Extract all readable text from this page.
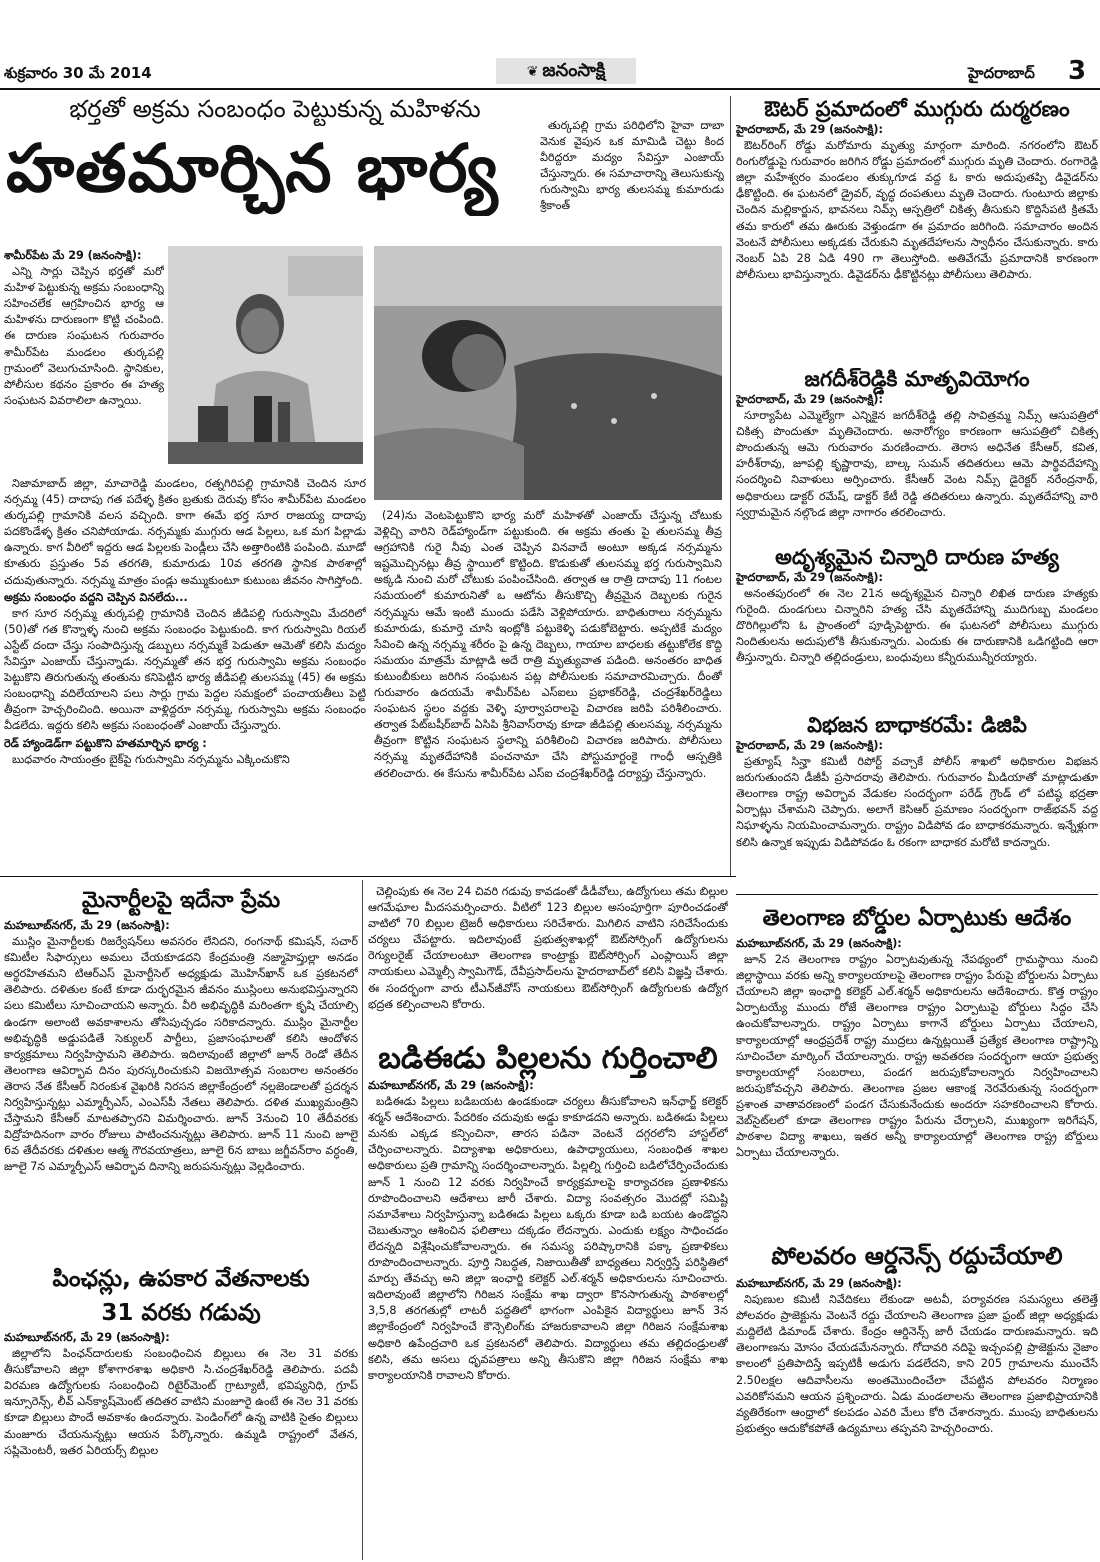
శుక్రవారం 30 మే 2014	❦ జనంసాక్షి	హైదరాబాద్	3
భర్తతో అక్రమ సంబంధం పెట్టుకున్న మహిళను
హతమార్చిన భార్య

తుర్కపల్లి గ్రామ పరిధిలోని హైవా దాబా వెనుక వైపున ఒక మామిడి చెట్టు కింద వీరిద్దరూ మద్యం సేవిస్తూ ఎంజాయ్ చేస్తున్నారు. ఈ సమాచారాన్ని తెలుసుకున్న గురుస్వామి భార్య తులసమ్మ కుమారుడు శ్రీకాంత్

శామీర్‌పేట మే 29 (జనంసాక్షి):

ఎన్ని సార్లు చెప్పిన భర్తతో మరో మహిళ పెట్టుకున్న అక్రమ సంబంధాన్ని సహించలేక ఆగ్రహించిన భార్య ఆ మహిళను దారుణంగా కొట్టి చంపింది. ఈ దారుణ సంఘటన గురువారం శామీర్‌పేట మండలం తుర్కపల్లి గ్రామంలో వెలుగుచూసింది. స్థానికుల, పోలీసుల కథనం ప్రకారం ఈ హత్య సంఘటన వివరాలిలా ఉన్నాయి.

నిజామాబాద్ జిల్లా, మాచారెడ్డి మండలం, రత్నగిరిపల్లి గ్రామానికి చెందిన సూర నర్సమ్మ (45) దాదాపు గత పదేళ్ళ క్రితం బ్రతుకు దెరువు కోసం శామీర్‌పేట మండలం తుర్కపల్లి గ్రామానికి వలస వచ్చింది. కాగా ఈమే భర్త సూర రాజయ్య దాదాపు పదకొండేళ్ళ క్రితం చనిపోయాడు. నర్సమ్మకు ముగ్గురు ఆడ పిల్లలు, ఒక మగ పిల్లాడు ఉన్నారు. కాగ వీరిలో ఇద్దరు ఆడ పిల్లలకు పెండ్లీలు చేసి అత్తారింటికి పంపింది. మూడో కూతురు ప్రస్తుతం 5వ తరగతి, కుమారుడు 10వ తరగతి స్థానిక పాఠశాల్లో చదువుతున్నారు. నర్సమ్మ మాత్రం పండ్లు అమ్ముకుంటూ కుటుంబ జీవనం సాగిస్తోంది.

అక్రమ సంబంధం వద్దని చెప్పిన వినలేదు...

కాగ సూర నర్సమ్మ తుర్కపల్లి గ్రామానికి చెందిన జీడిపల్లి గురుస్వామి మేదరిలో (50)తో గత కొన్నాళ్ళ నుంచి అక్రమ సంబంధం పెట్టుకుంది. కాగ గురుస్వామి రియల్ ఎస్టేట్ దందా చేస్తు సంపాదిస్తున్న డబ్బులు నర్సమ్మకే పెడుతూ ఆమెతో కలిసి మద్యం సేవిస్తూ ఎంజాయ్ చేస్తున్నాడు. నర్సమ్మతో తన భర్త గురుస్వామి అక్రమ సంబంధం పెట్టుకొని తిరుగుతున్న తంతును కనిపెట్టిన భార్య జీడిపల్లి తులసమ్మ (45) ఈ అక్రమ సంబంధాన్ని వదిలేయాలని పలు సార్లు గ్రామ పెద్దల సమక్షంలో పంచాయతీలు పెట్టి తీవ్రంగా హెచ్చరించింది. అయినా వాళ్లిద్దరూ నర్సమ్మ, గురుస్వామి అక్రమ సంబంధం వీడలేదు. ఇద్దరు కలిసి అక్రమ సంబంధంతో ఎంజాయ్ చేస్తున్నారు.

రెడ్ హ్యాండెడ్‌గా పట్టుకొని హతమార్చిన భార్య :

బుధవారం సాయంత్రం బైక్‌పై గురుస్వామి నర్సమ్మను ఎక్కించుకొని

(24)ను వెంటపెట్టుకొని భార్య మరో మహిళతో ఎంజాయ్ చేస్తున్న చోటుకు వెళ్లిచ్చి వారిని రెడ్‌హ్యాండ్‌గా పట్టుకుంది. ఈ అక్రమ తంతు పై తులసమ్మ తీవ్ర ఆగ్రహానికి గురై నీవు ఎంత చెప్పిన వినవాదే అంటూ అక్కడ నర్సమ్మను ఇష్టమొచ్చినట్లు తీవ్ర స్థాయిలో కొట్టింది. కొడుకుతో తులసమ్మ భర్త గురుస్వామిని అక్కడి నుంచి మరో చోటుకు పంపించేసింది. తర్వాత ఆ రాత్రి దాదాపు 11 గంటల సమయంలో కుమారునితో ఒ ఆటోను తీసుకొచ్చి తీవ్రమైన దెబ్బలకు గురైన నర్సమ్మను ఆమే ఇంటి ముందు పడేసి వెళ్లిపోయారు. బాధితురాలు నర్సమ్మను కుమారుడు, కుమార్తె చూసి ఇంట్లోకి పట్టుకెళ్ళి పడుకోబెట్టారు. అప్పటికే మద్యం సేవించి ఉన్న నర్సమ్మ శరీరం పై ఉన్న దెబ్బలు, గాయాల బాధలకు తట్టుకోలేక కొద్ది సమయం మాత్రమే మాట్లాడి అదే రాత్రి మృత్యువాత పడింది. అనంతరం బాధిత కుటుంబీకులు జరిగిన సంఘటన పట్ల పోలీసులకు సమాచారమిచ్చారు. దీంతో గురువారం ఉదయమే శామీర్‌పేట ఎస్‌ఐలు ప్రభాకర్‌రెడ్డి, చంద్రశేఖర్‌రెడ్డిలు సంఘటన స్థలం వద్దకు వెళ్ళి పూర్వాపరాలపై విచారణ జరిపి పరిశీలించారు. తర్వాత పేట్‌బషీర్‌బాద్ ఏసిపి శ్రీనివాస్‌రావు కూడా జీడిపల్లి తులసమ్మ, నర్సమ్మను తీవ్రంగా కొట్టిన సంఘటన స్థలాన్ని పరిశీలించి విచారణ జరిపారు. పోలీసులు నర్సమ్మ మృతదేహానికి పంచనామా చేసి పోస్టుమార్టంకై గాంధీ ఆస్పత్రికి తరలించారు. ఈ కేసును శామీర్‌పేట ఎస్‌ఐ చంద్రశేఖర్‌రెడ్డి దర్యాప్తు చేస్తున్నారు.

ఔటర్ ప్రమాదంలో ముగ్గురు దుర్మరణం
హైదరాబాద్, మే 29 (జనంసాక్షి):

ఔటర్‌రింగ్ రోడ్డు మరోమారు మృత్యు మార్గంగా మారింది. నగరంలోని ఔటర్ రింగురోడ్డుపై గురువారం జరిగిన రోడ్డు ప్రమాదంలో ముగ్గురు మృతి చెందారు. రంగారెడ్డి జిల్లా మహేశ్వరం మండలం తుక్కుగూడ వద్ద ఓ కారు అదుపుతప్పి డివైడర్‌ను ఢీకొట్టింది. ఈ ఘటనలో డ్రైవర్, వృద్ధ దంపతులు మృతి చెందారు. గుంటూరు జిల్లాకు చెందిన మల్లికార్జున, భావనలు నిమ్స్ ఆస్పత్రిలో చికిత్స తీసుకుని కొద్దిసేపటి క్రితమే తమ కారులో తమ ఊరుకు వెళ్తుండగా ఈ ప్రమాదం జరిగింది. సమాచారం అందిన వెంటనే పోలీసులు అక్కడకు చేరుకుని మృతదేహాలను స్వాధీనం చేసుకున్నారు. కారు నెంబర్ ఏపి 28 ఏడి 490 గా తెలుస్తోంది. అతివేగమే ప్రమాదానికి కారణంగా పోలీసులు భావిస్తున్నారు. డివైడర్‌ను ఢీకొట్టినట్లు పోలీసులు తెలిపారు.

జగదీశ్‌రెడ్డికి మాతృవియోగం
హైదరాబాద్, మే 29 (జనంసాక్షి):

సూర్యాపేట ఎమ్మెల్యేగా ఎన్నికైన జగదీశ్‌రెడ్డి తల్లి సావిత్రమ్మ నిమ్స్ ఆసుపత్రిలో చికిత్స పొందుతూ మృతిచెందారు. అనారోగ్యం కారణంగా ఆసుపత్రిలో చికిత్స పొందుతున్న ఆమె గురువారం మరణించారు. తెరాస అధినేత కేసీఆర్, కవిత, హరీశ్‌రావు, జూపల్లి కృష్ణారావు, బాల్క సుమన్ తదితరులు ఆమె పార్థివదేహాన్ని సందర్శించి నివాళులు అర్పించారు. కేసీఆర్ వెంట నిమ్స్ డైరెక్టర్ నరేంద్రనాథ్, అధికారులు డాక్టర్ రమేష్, డాక్టర్ కేటీ రెడ్డి తదితరులు ఉన్నారు. మృతదేహాన్ని వారి స్వగ్రామమైన నల్గొండ జిల్లా నాగారం తరలించారు.

అదృశ్యమైన చిన్నారి దారుణ హత్య
హైదరాబాద్, మే 29 (జనంసాక్షి):

అనంతపురంలో ఈ నెల 21న అదృశ్యమైన చిన్నారి లిఖిత దారుణ హత్యకు గురైంది. దుండగులు చిన్నారిని హత్య చేసి మృతదేహాన్ని ముదిగుబ్బ మండలం దొరిగిల్లులోని ఓ ప్రాంతంలో పూడ్చిపెట్టారు. ఈ ఘటనలో పోలీసులు ముగ్గురు నిందితులను అదుపులోకి తీసుకున్నారు. ఎందుకు ఈ దారుణానికి ఒడిగట్టింది ఆరా తీస్తున్నారు. చిన్నారి తల్లిదండ్రులు, బంధువులు కన్నీరుమున్నీరయ్యారు.

విభజన బాధాకరమే: డిజిపి
హైదరాబాద్, మే 29 (జనంసాక్షి):

ప్రత్యూష్ సిన్హా కమిటీ రిపోర్ట్ వచ్చాకే పోలీస్ శాఖలో అధికారుల విభజన జరుగుతుందని డీజీపీ ప్రసాదరావు తెలిపారు. గురువారం మీడియాతో మాట్లాడుతూ తెలంగాణ రాష్ట్ర అవిర్భావ వేడుకల సందర్భంగా పరేడ్ గ్రౌండ్ లో పటిష్ఠ భద్రతా ఏర్పాట్లు చేశామని చెప్పారు. అలాగే కెసిఆర్ ప్రమాణం సందర్భంగా రాజ్‌భవన్ వద్ద నిఘాళ్ళను నియమించామన్నారు. రాష్ట్రం విడిపోవ డం బాధాకరమన్నారు. ఇన్నేళ్లుగా కలిసి ఉన్నాక ఇప్పుడు విడిపోవడం ఓ రకంగా బాధాకర మరోటి కాదన్నారు.

తెలంగాణ బోర్డుల ఏర్పాటుకు ఆదేశం
మహబూబ్‌నగర్, మే 29 (జనంసాక్షి):

జూన్ 2న తెలంగాణ రాష్ట్రం ఏర్పాటవుతున్న నేపథ్యంలో గ్రామస్థాయి నుంచి జిల్లాస్థాయి వరకు అన్ని కార్యాలయాలపై తెలంగాణ రాష్ట్రం పేరుపై బోర్డులను ఏర్పాటు చేయాలని జిల్లా ఇంఛార్జి కలెక్టర్ ఎల్.శర్మన్ అధికారులను ఆదేశించారు. కొత్త రాష్ట్రం ఏర్పాటయ్యే ముందు రోజే తెలంగాణ రాష్ట్రం ఏర్పాటుపై బోర్డులు సిద్ధం చేసి ఉంచుకోవాలన్నారు. రాష్ట్రం ఏర్పాటు కాగానే బోర్డులు ఏర్పాటు చేయాలని, కార్యాలయాల్లో ఆంధ్రప్రదేశ్ రాష్ట్ర ముద్రలు ఉన్నట్లయితే ప్రత్యేక తెలంగాణ రాష్ట్రాన్ని సూచించేలా మార్కింగ్ చేయాలన్నారు. రాష్ట్ర అవతరణ సందర్భంగా ఆయా ప్రభుత్వ కార్యాలయాల్లో సంబరాలు, పండగ జరుపుకోవాలన్నారు నిర్వహించాలని జరుపుకోవచ్చని తెలిపారు. తెలంగాణ ప్రజల ఆకాంక్ష నెరవేరుతున్న సందర్భంగా ప్రశాంత వాతావరణంలో పండగ చేసుకునేందుకు అందరూ సహకరించాలని కోరారు. వెబ్‌సైట్‌లలో కూడా తెలంగాణ రాష్ట్రం పేరును చేర్చాలని, ముఖ్యంగా ఇరిగేషన్, పాఠశాల విద్యా శాఖలు, ఇతర అన్నీ కార్యాలయాల్లో తెలంగాణ రాష్ట్ర బోర్డులు ఏర్పాటు చేయాలన్నారు.

పోలవరం ఆర్డనెన్స్ రద్దుచేయాలి
మహబూబ్‌నగర్, మే 29 (జనంసాక్షి):

నిపుణుల కమిటీ నివేదికలు లేకుండా అటవీ, పర్యావరణ సమస్యలు తలెత్తే పోలవరం ప్రాజెక్టును వెంటనే రద్దు చేయాలని తెలంగాణ ప్రజా ఫ్రంట్ జిల్లా అధ్యక్షుడు మద్దిలేటి డిమాండ్ చేశారు. కేంద్రం ఆర్డినెన్స్ జారీ చేయడం దారుణమన్నారు. ఇది తెలంగాణను మోసం చేయడమేనన్నారు. గోదావరి నదిపై ఇచ్చంపల్లి ప్రాజెక్టును నైజాం కాలంలో ప్రతిపాదిస్తే ఇప్పటికీ అడుగు పడలేదని, కాని 205 గ్రామాలను ముంచేసే 2.50లక్షల ఆదివాసీలను అంతమొందించేలా చేపట్టిన పోలవరం నిర్మాణం ఎవరికోసమని ఆయన ప్రశ్నించారు. ఏడు మండలాలను తెలంగాణ ప్రజాభిప్రాయానికి వ్యతిరేకంగా ఆంధ్రాలో కలపడం ఎవరి మేలు కోరి చేశారన్నారు. ముంపు బాధితులను ప్రభుత్వం ఆదుకోకపోతే ఉద్యమాలు తప్పవని హెచ్చరించారు.

మైనార్టీలపై ఇదేనా ప్రేమ
మహబూబ్‌నగర్, మే 29 (జనంసాక్షి):

ముస్లిం మైనార్టీలకు రిజర్వేషన్‌లు అవసరం లేనిదని, రంగనాథ్ కమిషన్, సచార్ కమిటీల సిఫార్సులు అమలు చేయకూడదని కేంద్రమంత్రి నజ్మాహెప్తుల్లా అనడం అర్థరహితమని టిఆర్‌ఎస్ మైనార్టీసెల్ అధ్యక్షుడు మొహిన్‌ఖాన్ ఒక ప్రకటనలో తెలిపారు. దళితుల కంటే కూడా దుర్భరమైన జీవనం ముస్లింలు అనుభవిస్తున్నారని పలు కమిటీలు సూచించాయని అన్నారు. వీరి అభివృద్ధికి మరింతగా కృషి చేయాల్సి ఉండగా అలాంటి అవకాశాలను తోసిపుచ్చడం సరికాదన్నారు. ముస్లిం మైనార్టీల అభివృద్ధికి అడ్డుపడితే సెక్యులర్ పార్టీలు, ప్రజాసంఘాలతో కలిసి ఆందోళన కార్యక్రమాలు నిర్వహిస్తామని తెలిపారు. ఇదిలావుంటే జిల్లాలో జూన్ రెండో తేదీన తెలంగాణ ఆవిర్భావ దినం పురస్కరించుకుని విజయోత్సవ సంబరాల అనంతరం తెరాస నేత కేసీఆర్ నిరంకుశ వైఖరికి నిరసన జిల్లాకేంద్రంలో నల్లజెండాలతో ప్రదర్శన నిర్వహిస్తున్నట్లు ఎమ్మార్పీఎస్, ఎంఎస్‌పీ నేతలు తెలిపారు. దళిత ముఖ్యమంత్రిని చేస్తామని కేసీఆర్ మాటతప్పారని విమర్శించారు. జూన్ 3నుంచి 10 తేదీవరకు విద్రోహదినంగా వారం రోజులు పాటించనున్నట్లు తెలిపారు. జూన్ 11 నుంచి జూలై 6వ తేదీవరకు దళితుల ఆత్మ గౌరవయాత్రలు, జూలై 6న బాబు జగ్జీవన్‌రాం వర్ధంతి, జూలై 7న ఎమ్మార్పీఎస్ ఆవిర్భావ దినాన్ని జరుపనున్నట్లు వెల్లడించారు.

పింఛన్లు, ఉపకార వేతనాలకు
31 వరకు గడువు
మహబూబ్‌నగర్, మే 29 (జనంసాక్షి):

జిల్లాలోని పింఛన్‌దారులకు సంబంధించిన బిల్లులు ఈ నెల 31 వరకు తీసుకోవాలని జిల్లా కోశాగారశాఖ అధికారి సి.చంద్రశేఖర్‌రెడ్డి తెలిపారు. పదవీ విరమణ ఉద్యోగులకు సంబంధించి రిటైర్‌మెంట్ గ్రాట్యూటీ, భవిష్యనిధి, గ్రూప్ ఇన్సూరెన్స్, లీవ్ ఎన్‌క్యాష్‌మెంట్ తదితర వాటిని మంజూరై ఉంటే ఈ నెల 31 వరకు కూడా బిల్లులు పొందే అవకాశం ఉందన్నారు. పెండింగ్‌లో ఉన్న వాటికి సైతం బిల్లులు మంజూరు చేయనున్నట్లు ఆయన పేర్కొన్నారు. ఉమ్మడి రాష్ట్రంలో వేతన, సప్లిమెంటరీ, ఇతర ఏరియర్స్ బిల్లుల

చెల్లింపుకు ఈ నెల 24 చివరి గడువు కావడంతో డీడీవోలు, ఉద్యోగులు తమ బిల్లుల ఆగమేఘాల మీదసమర్పించారు. వీటిలో 123 బిల్లుల అసంపూర్తిగా పూరించడంతో వాటిలో 70 బిల్లుల ట్రెజరీ అధికారులు సరిచేశారు. మిగిలిన వాటిని సరిచేసేందుకు చర్యలు చేపట్టారు. ఇదిలావుంటే ప్రభుత్వశాఖల్లో ఔట్‌సోర్సింగ్ ఉద్యోగులను రెగ్యులరైజ్ చేయాలంటూ తెలంగాణ కాంట్రాక్టు ఔట్‌సోర్సింగ్ ఎంప్లాయిస్ జిల్లా నాయకులు ఎమ్మెల్సీ స్వామిగౌడ్, దేవీప్రసాద్‌లను హైదరాబాద్‌లో కలిసి విజ్ఞప్తి చేశారు. ఈ సందర్భంగా వారు టీఎన్‌జీవోస్ నాయకులు ఔట్‌సోర్సింగ్ ఉద్యోగులకు ఉద్యోగ భద్రత కల్పించాలని కోరారు.

బడిఈడు పిల్లలను గుర్తించాలి
మహబూబ్‌నగర్, మే 29 (జనంసాక్షి):

బడిఈడు పిల్లలు బడిబయట ఉండకుండా చర్యలు తీసుకోవాలని ఇన్‌ఛార్జ్ కలెక్టర్ శర్మన్ ఆదేశించారు. పేదరికం చదువుకు అడ్డు కాకూడదని అన్నారు. బడిఈడు పిల్లలు మనకు ఎక్కడ కన్పించినా, తారస పడినా వెంటనే దగ్గరలోని హాస్టల్‌లో చేర్పించాలన్నారు. విద్యాశాఖ అధికారులు, ఉపాధ్యాయులు, సంబంధిత శాఖల అధికారులు ప్రతి గ్రామాన్ని సందర్శించాలన్నారు. పిల్లల్ని గుర్తించి బడిలోచేర్పించేందుకు జూన్ 1 నుంచి 12 వరకు నిర్వహించే కార్యక్రమాలపై కార్యాచరణ ప్రణాళికను రూపొందించాలని ఆదేశాలు జారీ చేశారు. విద్యా సంవత్సరం మొదట్లో సమిష్టి సమావేశాలు నిర్వహిస్తున్నా బడిఈడు పిల్లలు ఒక్కరు కూడా బడి బయట ఉండొద్దని చెబుతున్నాం ఆశించిన ఫలితాలు దక్కడం లేదన్నారు. ఎందుకు లక్ష్యం సాధించడం లేదన్నది విశ్లేషించుకోవాలన్నారు. ఈ సమస్య పరిష్కారానికి పక్కా ప్రణాళికలు రూపొందించాలన్నారు. పూర్తి నిబద్ధత, నిజాయితీతో బాధ్యతలు నిర్వర్తిస్తే పరిస్థితిలో మార్పు తేవచ్చు అని జిల్లా ఇంఛార్జి కలెక్టర్ ఎల్.శర్మన్ అధికారులను సూచించారు. ఇదిలావుంటే జిల్లాలోని గిరిజన సంక్షేమ శాఖ ద్వారా కొనసాగుతున్న పాఠశాలల్లో 3,5,8 తరగతుల్లో లాటరీ పద్ధతిలో భాగంగా ఎంపికైన విద్యార్థులు జూన్ 3న జిల్లాకేంద్రంలో నిర్వహించే కౌన్సెలింగ్‌కు హాజరుకావాలని జిల్లా గిరిజన సంక్షేమశాఖ అధికారి ఉపేంద్రచారి ఒక ప్రకటనలో తెలిపారు. విద్యార్థులు తమ తల్లిదండ్రులతో కలిసి, తమ అసలు ధృవపత్రాలు అన్ని తీసుకొని జిల్లా గిరిజన సంక్షేమ శాఖ కార్యాలయానికి రావాలని కోరారు.
